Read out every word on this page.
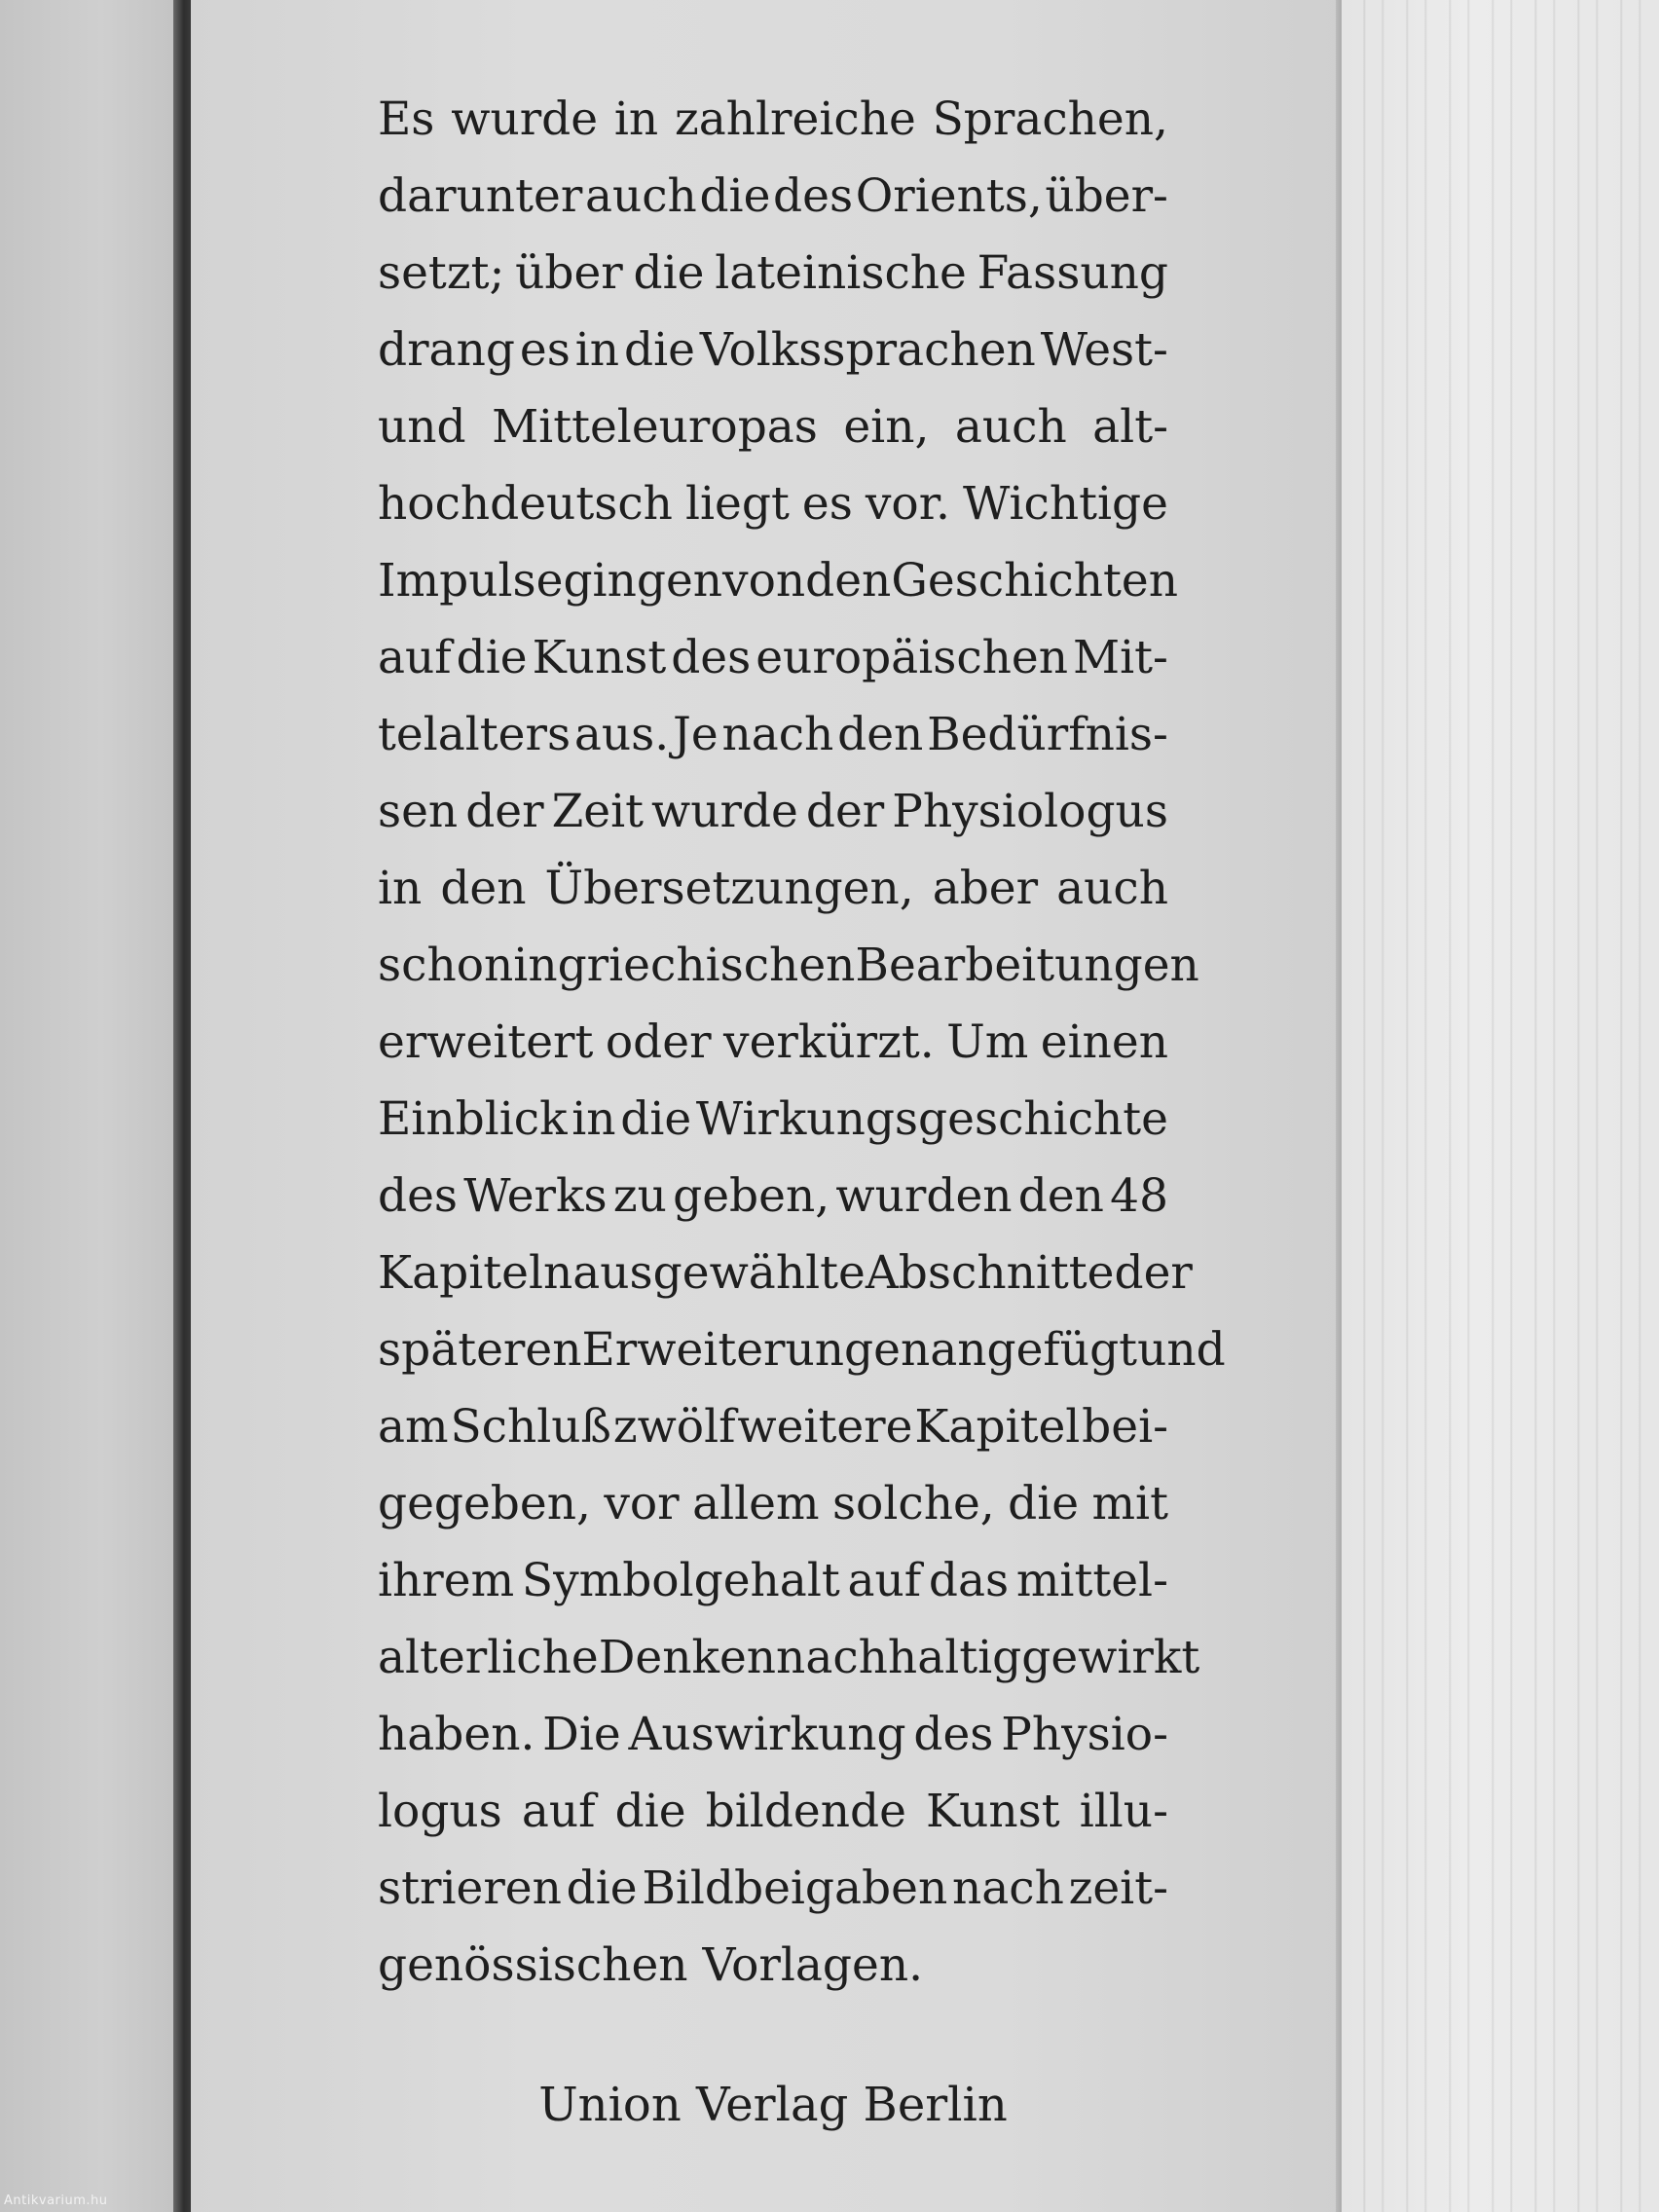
Es wurde in zahlreiche Sprachen,
darunter auch die des Orients, über-
setzt; über die lateinische Fassung
drang es in die Volkssprachen West-
und Mitteleuropas ein, auch alt-
hochdeutsch liegt es vor. Wichtige
Impulse gingen von den Geschichten
auf die Kunst des europäischen Mit-
telalters aus. Je nach den Bedürfnis-
sen der Zeit wurde der Physiologus
in den Übersetzungen, aber auch
schon in griechischen Bearbeitungen
erweitert oder verkürzt. Um einen
Einblick in die Wirkungsgeschichte
des Werks zu geben, wurden den 48
Kapiteln ausgewählte Abschnitte der
späteren Erweiterungen angefügt und
am Schluß zwölf weitere Kapitel bei-
gegeben, vor allem solche, die mit
ihrem Symbolgehalt auf das mittel-
alterliche Denken nachhaltig gewirkt
haben. Die Auswirkung des Physio-
logus auf die bildende Kunst illu-
strieren die Bildbeigaben nach zeit-
genössischen Vorlagen.
Union Verlag Berlin
Antikvarium.hu
